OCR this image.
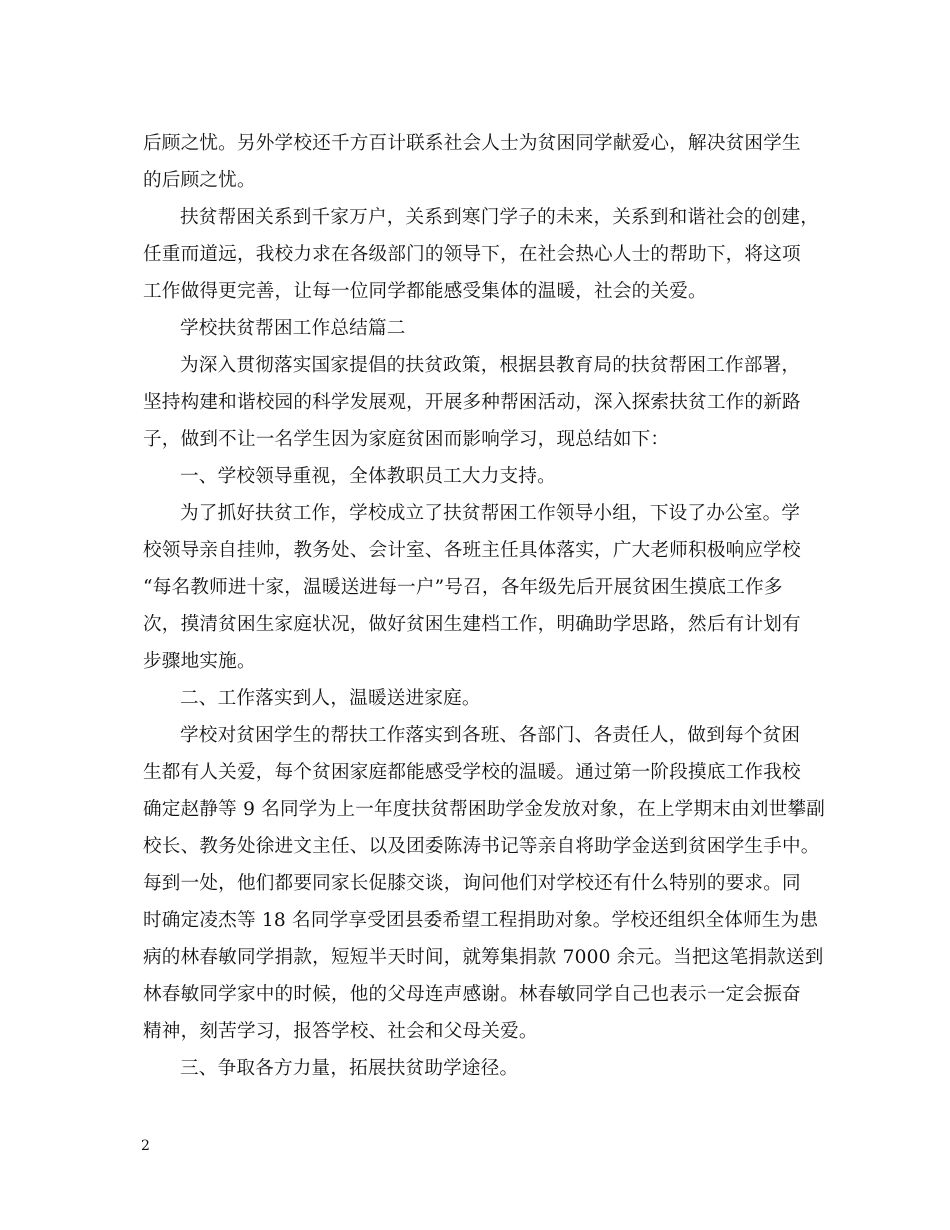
后顾之忧。另外学校还千方百计联系社会人士为贫困同学献爱心，解决贫困学生
的后顾之忧。
扶贫帮困关系到千家万户，关系到寒门学子的未来，关系到和谐社会的创建，
任重而道远，我校力求在各级部门的领导下，在社会热心人士的帮助下，将这项
工作做得更完善，让每一位同学都能感受集体的温暖，社会的关爱。
学校扶贫帮困工作总结篇二
为深入贯彻落实国家提倡的扶贫政策，根据县教育局的扶贫帮困工作部署，
坚持构建和谐校园的科学发展观，开展多种帮困活动，深入探索扶贫工作的新路
子，做到不让一名学生因为家庭贫困而影响学习，现总结如下：
一、学校领导重视，全体教职员工大力支持。
为了抓好扶贫工作，学校成立了扶贫帮困工作领导小组，下设了办公室。学
校领导亲自挂帅，教务处、会计室、各班主任具体落实，广大老师积极响应学校
“每名教师进十家，温暖送进每一户”号召，各年级先后开展贫困生摸底工作多
次，摸清贫困生家庭状况，做好贫困生建档工作，明确助学思路，然后有计划有
步骤地实施。
二、工作落实到人，温暖送进家庭。
学校对贫困学生的帮扶工作落实到各班、各部门、各责任人，做到每个贫困
生都有人关爱，每个贫困家庭都能感受学校的温暖。通过第一阶段摸底工作我校
确定赵静等 9 名同学为上一年度扶贫帮困助学金发放对象，在上学期末由刘世攀副
校长、教务处徐进文主任、以及团委陈涛书记等亲自将助学金送到贫困学生手中。
每到一处，他们都要同家长促膝交谈，询问他们对学校还有什么特别的要求。同
时确定凌杰等 18 名同学享受团县委希望工程捐助对象。学校还组织全体师生为患
病的林春敏同学捐款，短短半天时间，就筹集捐款 7000 余元。当把这笔捐款送到
林春敏同学家中的时候，他的父母连声感谢。林春敏同学自己也表示一定会振奋
精神，刻苦学习，报答学校、社会和父母关爱。
三、争取各方力量，拓展扶贫助学途径。
2
